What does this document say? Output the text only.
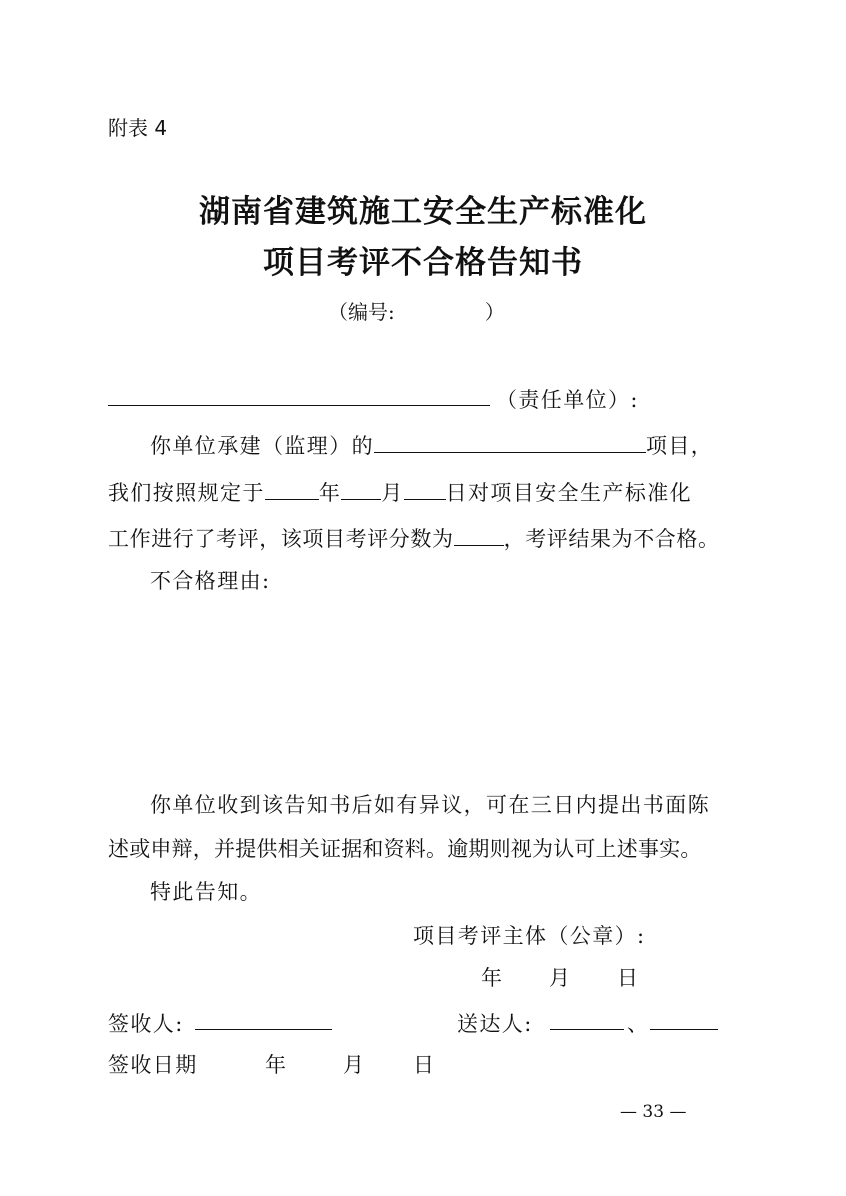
附表 4
湖南省建筑施工安全生产标准化
项目考评不合格告知书
（编号:	）
（责任单位）:
你单位承建（监理）的	项目，
我们按照规定于	年 月 日对项目安全生产标准化
工作进行了考评，该项目考评分数为 ，考评结果为不合格。
不合格理由:
你单位收到该告知书后如有异议，可在三日内提出书面陈
述或申辩，并提供相关证据和资料。逾期则视为认可上述事实。
特此告知。
项目考评主体（公章）:
年 月 日
签收人:	送达人:	、
签收日期	年	月 日
— 33 —
